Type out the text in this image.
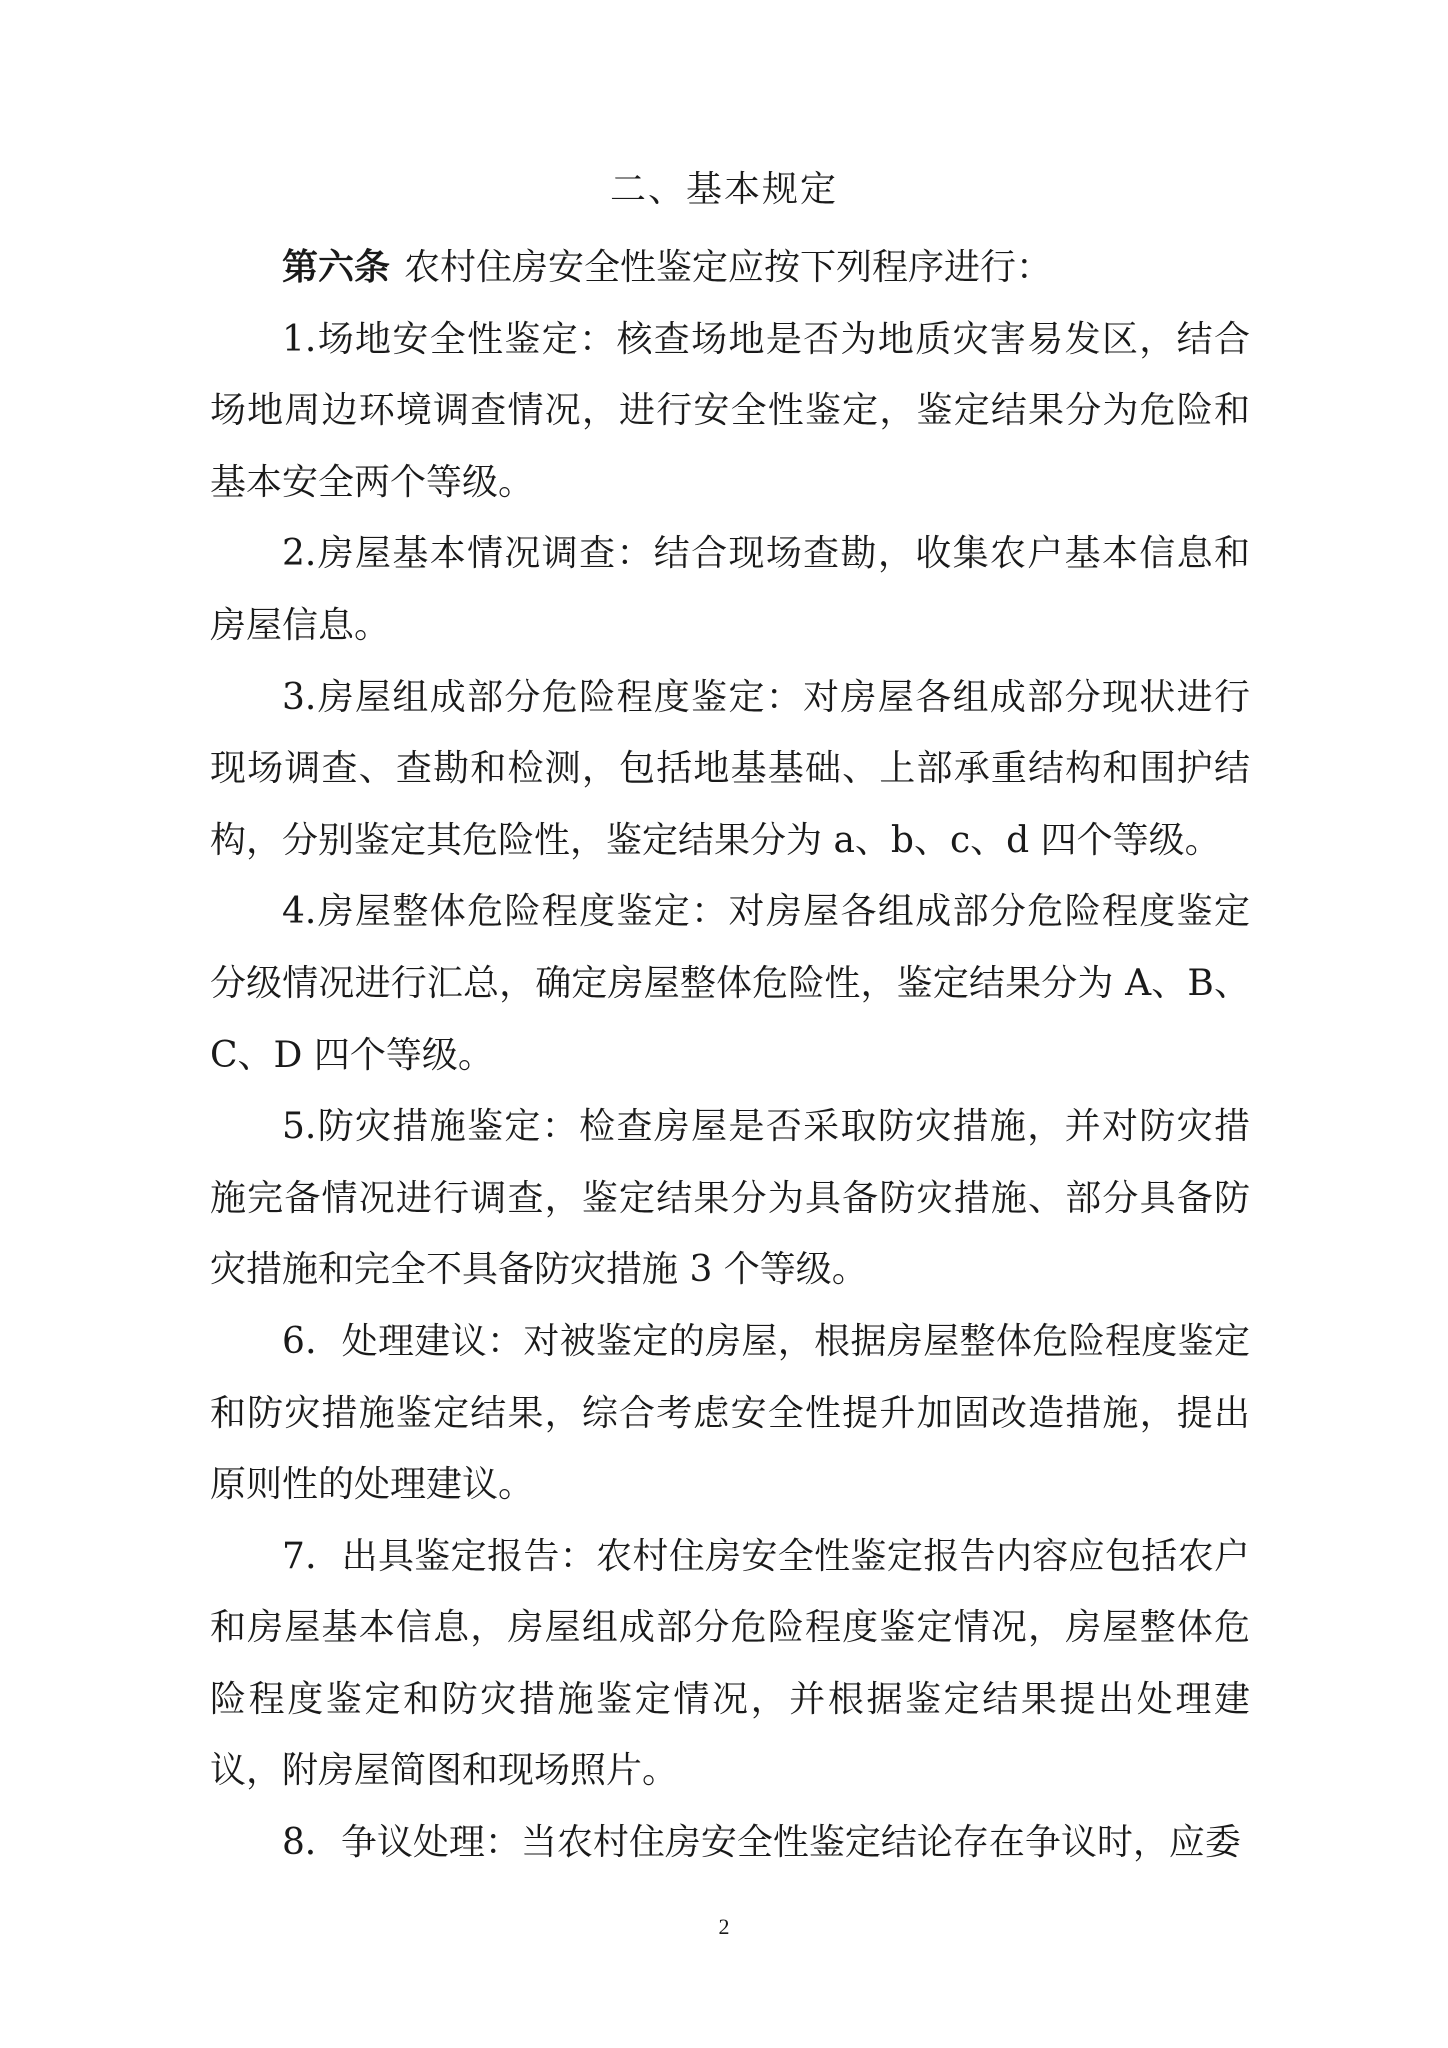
二、基本规定

第六条 农村住房安全性鉴定应按下列程序进行：

1.场地安全性鉴定：核查场地是否为地质灾害易发区，结合场地周边环境调查情况，进行安全性鉴定，鉴定结果分为危险和基本安全两个等级。

2.房屋基本情况调查：结合现场查勘，收集农户基本信息和房屋信息。

3.房屋组成部分危险程度鉴定：对房屋各组成部分现状进行现场调查、查勘和检测，包括地基基础、上部承重结构和围护结构，分别鉴定其危险性，鉴定结果分为 a、b、c、d 四个等级。

4.房屋整体危险程度鉴定：对房屋各组成部分危险程度鉴定分级情况进行汇总，确定房屋整体危险性，鉴定结果分为 A、B、C、D 四个等级。

5.防灾措施鉴定：检查房屋是否采取防灾措施，并对防灾措施完备情况进行调查，鉴定结果分为具备防灾措施、部分具备防灾措施和完全不具备防灾措施 3 个等级。

6．处理建议：对被鉴定的房屋，根据房屋整体危险程度鉴定和防灾措施鉴定结果，综合考虑安全性提升加固改造措施，提出原则性的处理建议。

7．出具鉴定报告：农村住房安全性鉴定报告内容应包括农户和房屋基本信息，房屋组成部分危险程度鉴定情况，房屋整体危险程度鉴定和防灾措施鉴定情况，并根据鉴定结果提出处理建议，附房屋简图和现场照片。

8．争议处理：当农村住房安全性鉴定结论存在争议时，应委

2
